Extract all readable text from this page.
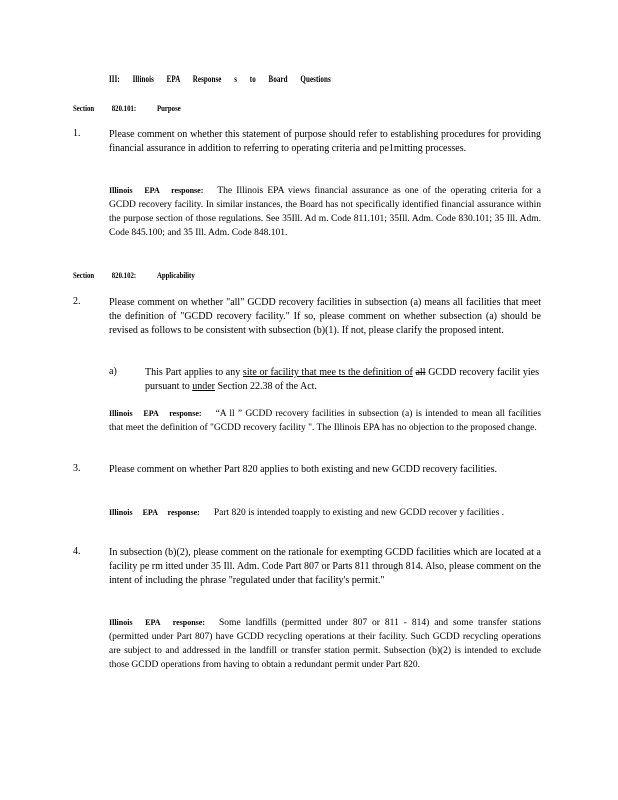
III: Illinois EPA Response s to Board Questions
Section 820.101: Purpose
1.	Please comment on whether this statement of purpose should refer to establishing procedures for providing financial assurance in addition to referring to operating criteria and pe1mitting processes.
Illinois EPA response: The Illinois EPA views financial assurance as one of the operating criteria for a GCDD recovery facility. In similar instances, the Board has not specifically identified financial assurance within the purpose section of those regulations. See 35Ill. Ad m. Code 811.101; 35Ill. Adm. Code 830.101; 35 Ill. Adm. Code 845.100; and 35 Ill. Adm. Code 848.101.
Section 820.102: Applicability
2.	Please comment on whether "all" GCDD recovery facilities in subsection (a) means all facilities that meet the definition of "GCDD recovery facility." If so, please comment on whether subsection (a) should be revised as follows to be consistent with subsection (b)(1). If not, please clarify the proposed intent.
a)	This Part applies to any site or facility that mee ts the definition of all GCDD recovery facilit yies pursuant to under Section 22.38 of the Act.
Illinois EPA response: “A ll ” GCDD recovery facilities in subsection (a) is intended to mean all facilities that meet the definition of "GCDD recovery facility ". The Illinois EPA has no objection to the proposed change.
3.	Please comment on whether Part 820 applies to both existing and new GCDD recovery facilities.
Illinois EPA response: Part 820 is intended toapply to existing and new GCDD recover y facilities .
4.	In subsection (b)(2), please comment on the rationale for exempting GCDD facilities which are located at a facility pe rm itted under 35 Ill. Adm. Code Part 807 or Parts 811 through 814. Also, please comment on the intent of including the phrase "regulated under that facility's permit."
Illinois EPA response: Some landfills (permitted under 807 or 811 - 814) and some transfer stations (permitted under Part 807) have GCDD recycling operations at their facility. Such GCDD recycling operations are subject to and addressed in the landfill or transfer station permit. Subsection (b)(2) is intended to exclude those GCDD operations from having to obtain a redundant permit under Part 820.
